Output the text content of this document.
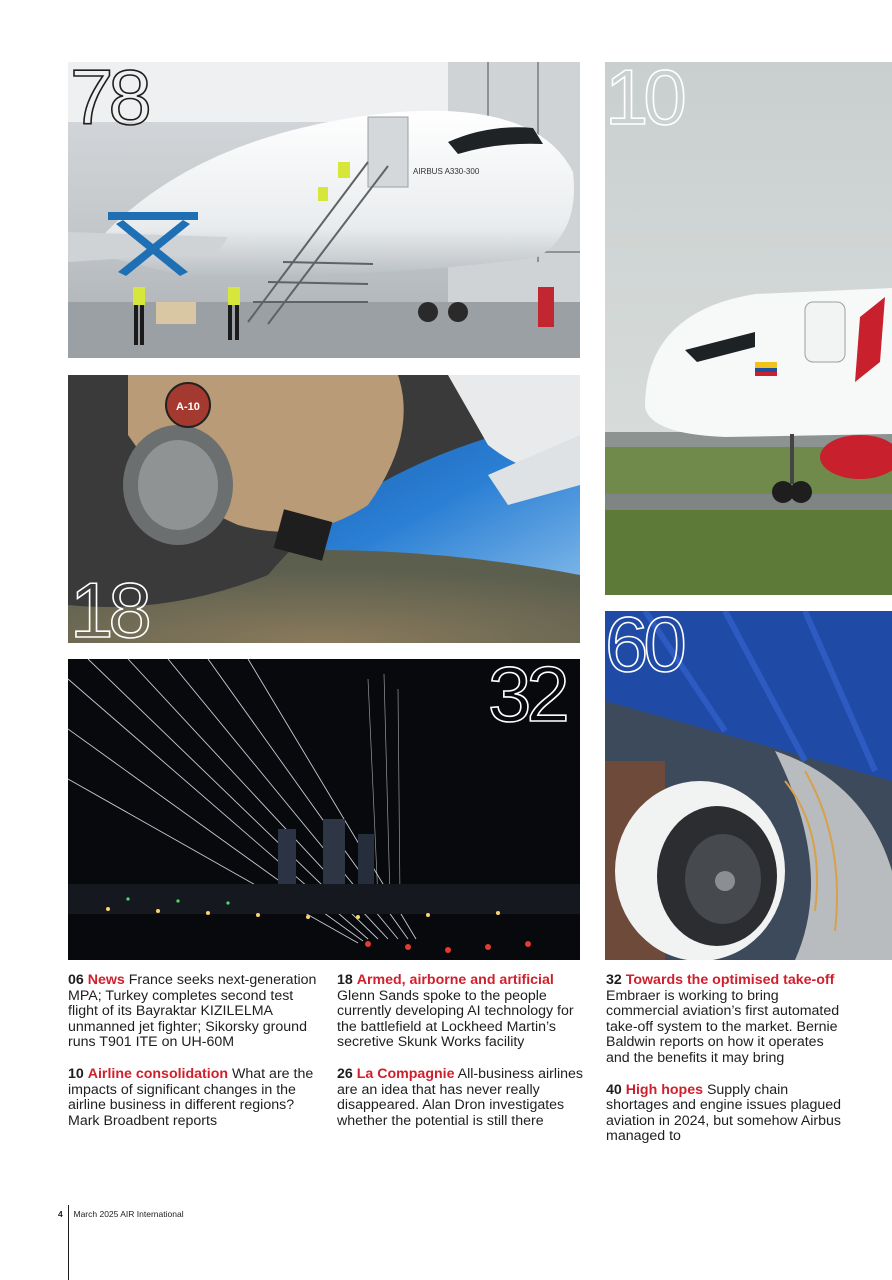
AIRBUS A330-300
78	10
A-10
18
32
60

06 News France seeks next-generation MPA; Turkey completes second test flight of its Bayraktar KIZILELMA unmanned jet fighter; Sikorsky ground runs T901 ITE on UH-60M

10 Airline consolidation What are the impacts of significant changes in the airline business in different regions? Mark Broadbent reports

18 Armed, airborne and artificial Glenn Sands spoke to the people currently developing AI technology for the battlefield at Lockheed Martin’s secretive Skunk Works facility

26 La Compagnie All-business airlines are an idea that has never really disappeared. Alan Dron investigates whether the potential is still there

32 Towards the optimised take-off Embraer is working to bring commercial aviation’s first automated take-off system to the market. Bernie Baldwin reports on how it operates and the benefits it may bring

40 High hopes Supply chain shortages and engine issues plagued aviation in 2024, but somehow Airbus managed to

4 March 2025 AIR International
